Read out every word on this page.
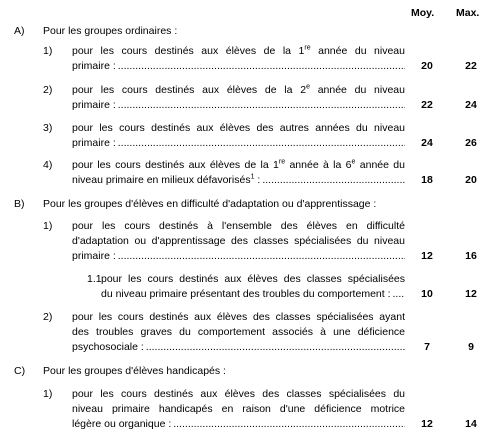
Moy. Max.
A) Pour les groupes ordinaires :
1) pour les cours destinés aux élèves de la 1re année du niveau
primaire : .....	20	22
2) pour les cours destinés aux élèves de la 2e année du niveau
primaire : .....	22	24
3) pour les cours destinés aux élèves des autres années du niveau
primaire : .....	24	26
4) pour les cours destinés aux élèves de la 1re année à la 6e année du
niveau primaire en milieux défavorisés$^1$ :
.....	18	20
B) Pour les groupes d'élèves en difficulté d'adaptation ou d'apprentissage :
1) pour les cours destinés à l'ensemble des élèves en difficulté
d'adaptation ou d'apprentissage des classes spécialisées du niveau
primaire : .....	12	16
1.1 pour les cours destinés aux élèves des classes spécialisées
du niveau primaire présentant des troubles du comportement : .....	10	12
2) pour les cours destinés aux élèves des classes spécialisées ayant
des troubles graves du comportement associés à une déficience
psychosociale : .....	7	9
C) Pour les groupes d'élèves handicapés :
1) pour les cours destinés aux élèves des classes spécialisées du
niveau primaire handicapés en raison d'une déficience motrice
légère ou organique : .....	12	14
